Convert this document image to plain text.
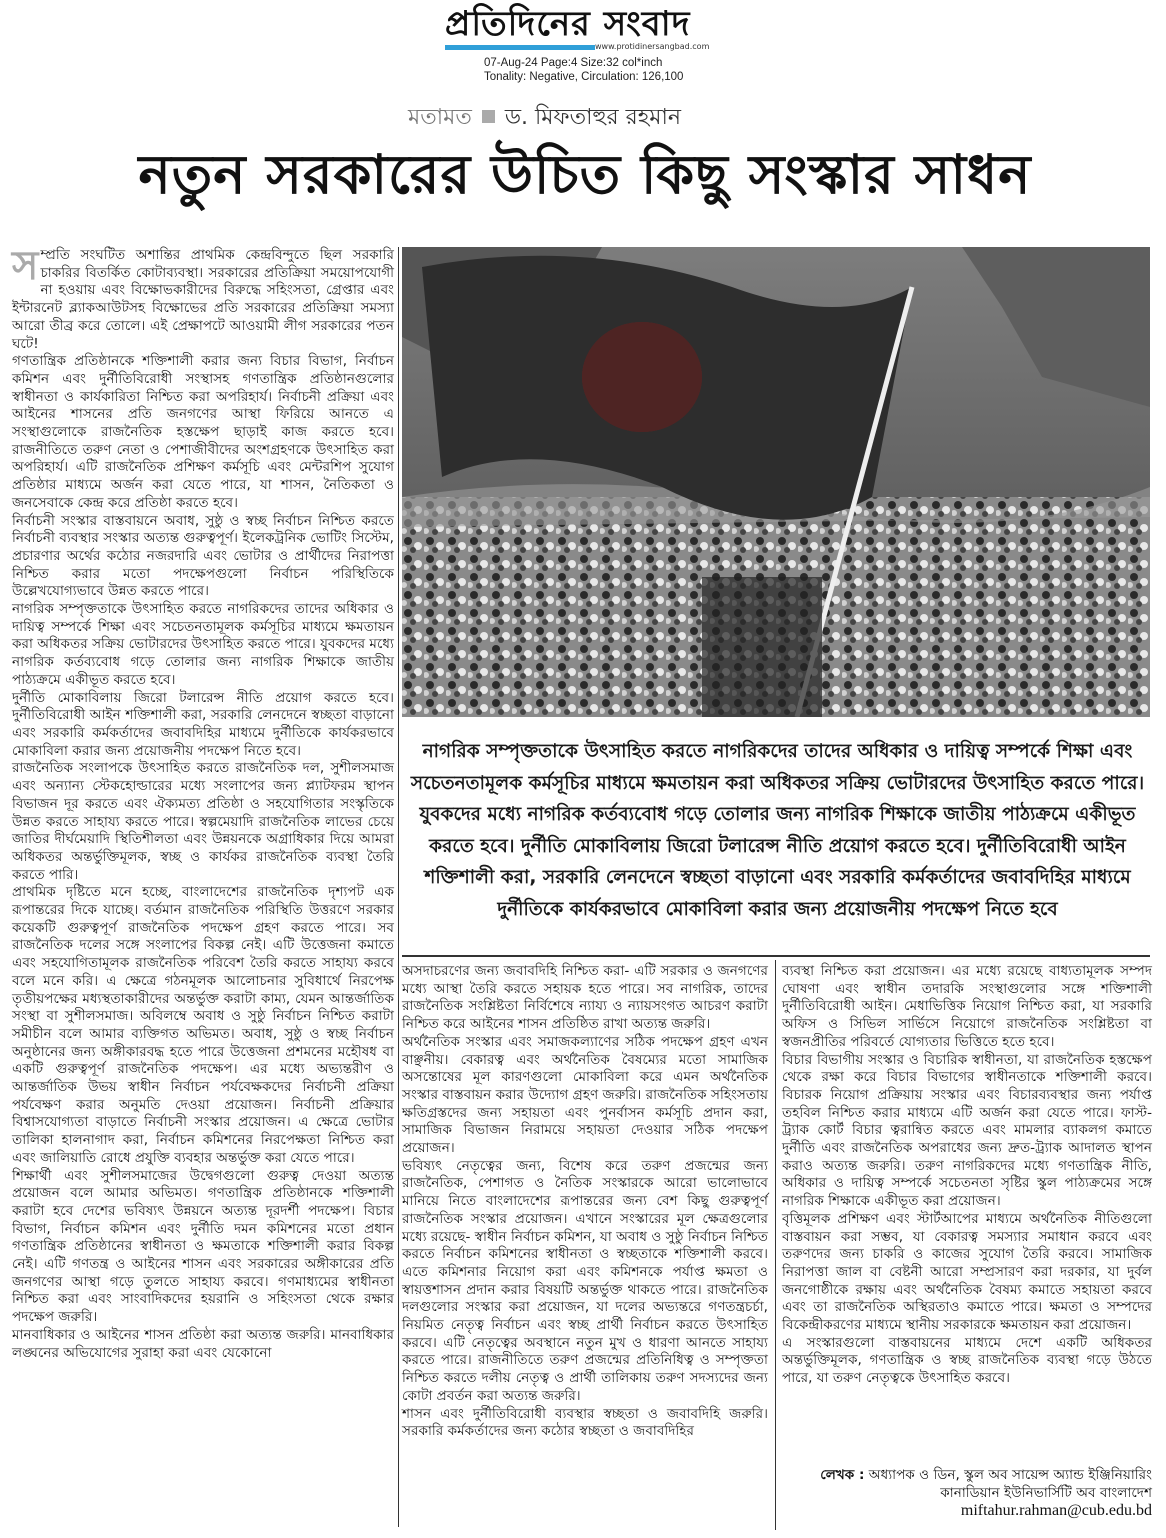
প্রতিদিনের সংবাদ
www.protidinersangbad.com
07-Aug-24 Page:4 Size:32 col*inch
Tonality: Negative, Circulation: 126,100
মতামত ড. মিফতাহুর রহমান
নতুন সরকারের উচিত কিছু সংস্কার সাধন
স ম্প্রতি সংঘটিত অশান্তির প্রাথমিক কেন্দ্রবিন্দুতে ছিল সরকারি চাকরির বিতর্কিত কোটাব্যবস্থা। সরকারের প্রতিক্রিয়া সময়োপযোগী না হওয়ায় এবং বিক্ষোভকারীদের বিরুদ্ধে সহিংসতা, গ্রেপ্তার এবং ইন্টারনেট ব্ল্যাকআউটসহ বিক্ষোভের প্রতি সরকারের প্রতিক্রিয়া সমস্যা আরো তীব্র করে তোলে। এই প্রেক্ষাপটে আওয়ামী লীগ সরকারের পতন ঘটে!

গণতান্ত্রিক প্রতিষ্ঠানকে শক্তিশালী করার জন্য বিচার বিভাগ, নির্বাচন কমিশন এবং দুর্নীতিবিরোধী সংস্থাসহ গণতান্ত্রিক প্রতিষ্ঠানগুলোর স্বাধীনতা ও কার্যকারিতা নিশ্চিত করা অপরিহার্য। নির্বাচনী প্রক্রিয়া এবং আইনের শাসনের প্রতি জনগণের আস্থা ফিরিয়ে আনতে এ সংস্থাগুলোকে রাজনৈতিক হস্তক্ষেপ ছাড়াই কাজ করতে হবে। রাজনীতিতে তরুণ নেতা ও পেশাজীবীদের অংশগ্রহণকে উৎসাহিত করা অপরিহার্য। এটি রাজনৈতিক প্রশিক্ষণ কর্মসূচি এবং মেন্টরশিপ সুযোগ প্রতিষ্ঠার মাধ্যমে অর্জন করা যেতে পারে, যা শাসন, নৈতিকতা ও জনসেবাকে কেন্দ্র করে প্রতিষ্ঠা করতে হবে।

নির্বাচনী সংস্কার বাস্তবায়নে অবাধ, সুষ্ঠু ও স্বচ্ছ নির্বাচন নিশ্চিত করতে নির্বাচনী ব্যবস্থার সংস্কার অত্যন্ত গুরুত্বপূর্ণ। ইলেকট্রনিক ভোটিং সিস্টেম, প্রচারণার অর্থের কঠোর নজরদারি এবং ভোটার ও প্রার্থীদের নিরাপত্তা নিশ্চিত করার মতো পদক্ষেপগুলো নির্বাচন পরিস্থিতিকে উল্লেখযোগ্যভাবে উন্নত করতে পারে।

নাগরিক সম্পৃক্ততাকে উৎসাহিত করতে নাগরিকদের তাদের অধিকার ও দায়িত্ব সম্পর্কে শিক্ষা এবং সচেতনতামূলক কর্মসূচির মাধ্যমে ক্ষমতায়ন করা অধিকতর সক্রিয় ভোটারদের উৎসাহিত করতে পারে। যুবকদের মধ্যে নাগরিক কর্তব্যবোধ গড়ে তোলার জন্য নাগরিক শিক্ষাকে জাতীয় পাঠ্যক্রমে একীভূত করতে হবে।

দুর্নীতি মোকাবিলায় জিরো টলারেন্স নীতি প্রয়োগ করতে হবে। দুর্নীতিবিরোধী আইন শক্তিশালী করা, সরকারি লেনদেনে স্বচ্ছতা বাড়ানো এবং সরকারি কর্মকর্তাদের জবাবদিহির মাধ্যমে দুর্নীতিকে কার্যকরভাবে মোকাবিলা করার জন্য প্রয়োজনীয় পদক্ষেপ নিতে হবে।

রাজনৈতিক সংলাপকে উৎসাহিত করতে রাজনৈতিক দল, সুশীলসমাজ এবং অন্যান্য স্টেকহোল্ডারের মধ্যে সংলাপের জন্য প্ল্যাটফরম স্থাপন বিভাজন দূর করতে এবং ঐক্যমত্য প্রতিষ্ঠা ও সহযোগিতার সংস্কৃতিকে উন্নত করতে সাহায্য করতে পারে। স্বল্পমেয়াদি রাজনৈতিক লাভের চেয়ে জাতির দীর্ঘমেয়াদি স্থিতিশীলতা এবং উন্নয়নকে অগ্রাধিকার দিয়ে আমরা অধিকতর অন্তর্ভুক্তিমূলক, স্বচ্ছ ও কার্যকর রাজনৈতিক ব্যবস্থা তৈরি করতে পারি।

প্রাথমিক দৃষ্টিতে মনে হচ্ছে, বাংলাদেশের রাজনৈতিক দৃশ্যপট এক রূপান্তরের দিকে যাচ্ছে। বর্তমান রাজনৈতিক পরিস্থিতি উত্তরণে সরকার কয়েকটি গুরুত্বপূর্ণ রাজনৈতিক পদক্ষেপ গ্রহণ করতে পারে। সব রাজনৈতিক দলের সঙ্গে সংলাপের বিকল্প নেই। এটি উত্তেজনা কমাতে এবং সহযোগিতামূলক রাজনৈতিক পরিবেশ তৈরি করতে সাহায্য করবে বলে মনে করি। এ ক্ষেত্রে গঠনমূলক আলোচনার সুবিধার্থে নিরপেক্ষ তৃতীয়পক্ষের মধ্যস্থতাকারীদের অন্তর্ভুক্ত করাটা কাম্য, যেমন আন্তর্জাতিক সংস্থা বা সুশীলসমাজ। অবিলম্বে অবাধ ও সুষ্ঠু নির্বাচন নিশ্চিত করাটা সমীচীন বলে আমার ব্যক্তিগত অভিমত। অবাধ, সুষ্ঠু ও স্বচ্ছ নির্বাচন অনুষ্ঠানের জন্য অঙ্গীকারবদ্ধ হতে পারে উত্তেজনা প্রশমনের মহৌষধ বা একটি গুরুত্বপূর্ণ রাজনৈতিক পদক্ষেপ। এর মধ্যে অভ্যন্তরীণ ও আন্তর্জাতিক উভয় স্বাধীন নির্বাচন পর্যবেক্ষকদের নির্বাচনী প্রক্রিয়া পর্যবেক্ষণ করার অনুমতি দেওয়া প্রয়োজন। নির্বাচনী প্রক্রিয়ার বিশ্বাসযোগ্যতা বাড়াতে নির্বাচনী সংস্কার প্রয়োজন। এ ক্ষেত্রে ভোটার তালিকা হালনাগাদ করা, নির্বাচন কমিশনের নিরপেক্ষতা নিশ্চিত করা এবং জালিয়াতি রোধে প্রযুক্তি ব্যবহার অন্তর্ভুক্ত করা যেতে পারে।

শিক্ষার্থী এবং সুশীলসমাজের উদ্বেগগুলো গুরুত্ব দেওয়া অত্যন্ত প্রয়োজন বলে আমার অভিমত। গণতান্ত্রিক প্রতিষ্ঠানকে শক্তিশালী করাটা হবে দেশের ভবিষ্যৎ উন্নয়নে অত্যন্ত দূরদর্শী পদক্ষেপ। বিচার বিভাগ, নির্বাচন কমিশন এবং দুর্নীতি দমন কমিশনের মতো প্রধান গণতান্ত্রিক প্রতিষ্ঠানের স্বাধীনতা ও ক্ষমতাকে শক্তিশালী করার বিকল্প নেই। এটি গণতন্ত্র ও আইনের শাসন এবং সরকারের অঙ্গীকারের প্রতি জনগণের আস্থা গড়ে তুলতে সাহায্য করবে। গণমাধ্যমের স্বাধীনতা নিশ্চিত করা এবং সাংবাদিকদের হয়রানি ও সহিংসতা থেকে রক্ষার পদক্ষেপ জরুরি।

মানবাধিকার ও আইনের শাসন প্রতিষ্ঠা করা অত্যন্ত জরুরি। মানবাধিকার লঙ্ঘনের অভিযোগের সুরাহা করা এবং যেকোনো

নাগরিক সম্পৃক্ততাকে উৎসাহিত করতে নাগরিকদের তাদের অধিকার ও দায়িত্ব সম্পর্কে শিক্ষা এবং সচেতনতামূলক কর্মসূচির মাধ্যমে ক্ষমতায়ন করা অধিকতর সক্রিয় ভোটারদের উৎসাহিত করতে পারে। যুবকদের মধ্যে নাগরিক কর্তব্যবোধ গড়ে তোলার জন্য নাগরিক শিক্ষাকে জাতীয় পাঠ্যক্রমে একীভূত করতে হবে। দুর্নীতি মোকাবিলায় জিরো টলারেন্স নীতি প্রয়োগ করতে হবে। দুর্নীতিবিরোধী আইন শক্তিশালী করা, সরকারি লেনদেনে স্বচ্ছতা বাড়ানো এবং সরকারি কর্মকর্তাদের জবাবদিহির মাধ্যমে দুর্নীতিকে কার্যকরভাবে মোকাবিলা করার জন্য প্রয়োজনীয় পদক্ষেপ নিতে হবে

অসদাচরণের জন্য জবাবদিহি নিশ্চিত করা- এটি সরকার ও জনগণের মধ্যে আস্থা তৈরি করতে সহায়ক হতে পারে। সব নাগরিক, তাদের রাজনৈতিক সংশ্লিষ্টতা নির্বিশেষে ন্যায্য ও ন্যায়সংগত আচরণ করাটা নিশ্চিত করে আইনের শাসন প্রতিষ্ঠিত রাখা অত্যন্ত জরুরি।

অর্থনৈতিক সংস্কার এবং সমাজকল্যাণের সঠিক পদক্ষেপ গ্রহণ এখন বাঞ্ছনীয়। বেকারত্ব এবং অর্থনৈতিক বৈষম্যের মতো সামাজিক অসন্তোষের মূল কারণগুলো মোকাবিলা করে এমন অর্থনৈতিক সংস্কার বাস্তবায়ন করার উদ্যোগ গ্রহণ জরুরি। রাজনৈতিক সহিংসতায় ক্ষতিগ্রস্তদের জন্য সহায়তা এবং পুনর্বাসন কর্মসূচি প্রদান করা, সামাজিক বিভাজন নিরাময়ে সহায়তা দেওয়ার সঠিক পদক্ষেপ প্রয়োজন।

ভবিষ্যৎ নেতৃত্বের জন্য, বিশেষ করে তরুণ প্রজন্মের জন্য রাজনৈতিক, পেশাগত ও নৈতিক সংস্কারকে আরো ভালোভাবে মানিয়ে নিতে বাংলাদেশের রূপান্তরের জন্য বেশ কিছু গুরুত্বপূর্ণ রাজনৈতিক সংস্কার প্রয়োজন। এখানে সংস্কারের মূল ক্ষেত্রগুলোর মধ্যে রয়েছে- স্বাধীন নির্বাচন কমিশন, যা অবাধ ও সুষ্ঠু নির্বাচন নিশ্চিত করতে নির্বাচন কমিশনের স্বাধীনতা ও স্বচ্ছতাকে শক্তিশালী করবে। এতে কমিশনার নিয়োগ করা এবং কমিশনকে পর্যাপ্ত ক্ষমতা ও স্বায়ত্তশাসন প্রদান করার বিষয়টি অন্তর্ভুক্ত থাকতে পারে। রাজনৈতিক দলগুলোর সংস্কার করা প্রয়োজন, যা দলের অভ্যন্তরে গণতন্ত্রচর্চা, নিয়মিত নেতৃত্ব নির্বাচন এবং স্বচ্ছ প্রার্থী নির্বাচন করতে উৎসাহিত করবে। এটি নেতৃত্বের অবস্থানে নতুন মুখ ও ধারণা আনতে সাহায্য করতে পারে। রাজনীতিতে তরুণ প্রজন্মের প্রতিনিধিত্ব ও সম্পৃক্ততা নিশ্চিত করতে দলীয় নেতৃত্ব ও প্রার্থী তালিকায় তরুণ সদস্যদের জন্য কোটা প্রবর্তন করা অত্যন্ত জরুরি।

শাসন এবং দুর্নীতিবিরোধী ব্যবস্থার স্বচ্ছতা ও জবাবদিহি জরুরি। সরকারি কর্মকর্তাদের জন্য কঠোর স্বচ্ছতা ও জবাবদিহির

ব্যবস্থা নিশ্চিত করা প্রয়োজন। এর মধ্যে রয়েছে বাধ্যতামূলক সম্পদ ঘোষণা এবং স্বাধীন তদারকি সংস্থাগুলোর সঙ্গে শক্তিশালী দুর্নীতিবিরোধী আইন। মেধাভিত্তিক নিয়োগ নিশ্চিত করা, যা সরকারি অফিস ও সিভিল সার্ভিসে নিয়োগে রাজনৈতিক সংশ্লিষ্টতা বা স্বজনপ্রীতির পরিবর্তে যোগ্যতার ভিত্তিতে হতে হবে।

বিচার বিভাগীয় সংস্কার ও বিচারিক স্বাধীনতা, যা রাজনৈতিক হস্তক্ষেপ থেকে রক্ষা করে বিচার বিভাগের স্বাধীনতাকে শক্তিশালী করবে। বিচারক নিয়োগ প্রক্রিয়ায় সংস্কার এবং বিচারব্যবস্থার জন্য পর্যাপ্ত তহবিল নিশ্চিত করার মাধ্যমে এটি অর্জন করা যেতে পারে। ফাস্ট-ট্র্যাক কোর্ট বিচার ত্বরান্বিত করতে এবং মামলার ব্যাকলগ কমাতে দুর্নীতি এবং রাজনৈতিক অপরাধের জন্য দ্রুত-ট্র্যাক আদালত স্থাপন করাও অত্যন্ত জরুরি। তরুণ নাগরিকদের মধ্যে গণতান্ত্রিক নীতি, অধিকার ও দায়িত্ব সম্পর্কে সচেতনতা সৃষ্টির স্কুল পাঠ্যক্রমের সঙ্গে নাগরিক শিক্ষাকে একীভূত করা প্রয়োজন।

বৃত্তিমূলক প্রশিক্ষণ এবং স্টার্টআপের মাধ্যমে অর্থনৈতিক নীতিগুলো বাস্তবায়ন করা সম্ভব, যা বেকারত্ব সমস্যার সমাধান করবে এবং তরুণদের জন্য চাকরি ও কাজের সুযোগ তৈরি করবে। সামাজিক নিরাপত্তা জাল বা বেষ্টনী আরো সম্প্রসারণ করা দরকার, যা দুর্বল জনগোষ্ঠীকে রক্ষায় এবং অর্থনৈতিক বৈষম্য কমাতে সহায়তা করবে এবং তা রাজনৈতিক অস্থিরতাও কমাতে পারে। ক্ষমতা ও সম্পদের বিকেন্দ্রীকরণের মাধ্যমে স্থানীয় সরকারকে ক্ষমতায়ন করা প্রয়োজন।

এ সংস্কারগুলো বাস্তবায়নের মাধ্যমে দেশে একটি অধিকতর অন্তর্ভুক্তিমূলক, গণতান্ত্রিক ও স্বচ্ছ রাজনৈতিক ব্যবস্থা গড়ে উঠতে পারে, যা তরুণ নেতৃত্বকে উৎসাহিত করবে।

লেখক : অধ্যাপক ও ডিন, স্কুল অব সায়েন্স অ্যান্ড ইঞ্জিনিয়ারিং
কানাডিয়ান ইউনিভার্সিটি অব বাংলাদেশ
miftahur.rahman@cub.edu.bd
